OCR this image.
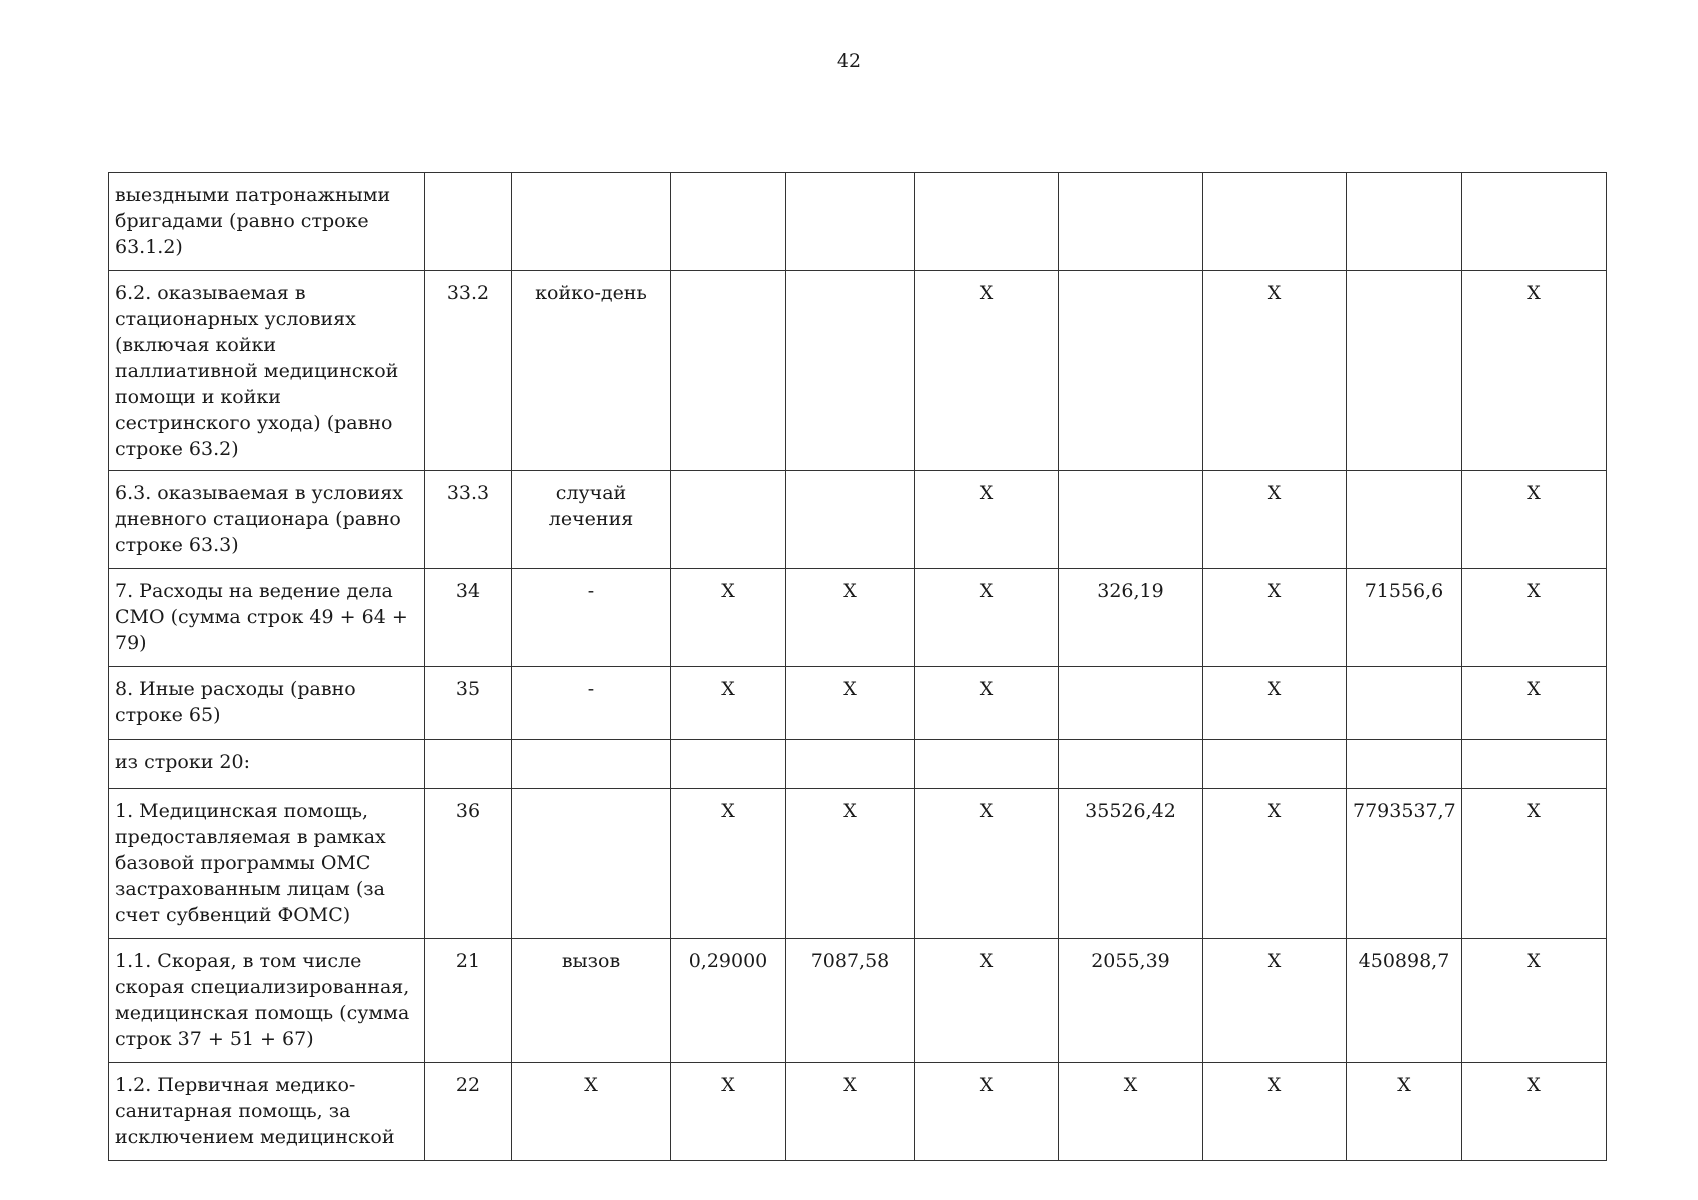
42
выездными патронажными бригадами (равно строке 63.1.2)									
6.2. оказываемая в стационарных условиях (включая койки паллиативной медицинской помощи и койки сестринского ухода) (равно строке 63.2)	33.2	койко-день			X		X		X
6.3. оказываемая в условиях дневного стационара (равно строке 63.3)	33.3	случай лечения			X		X		X
7. Расходы на ведение дела СМО (сумма строк 49 + 64 + 79)	34	-	X	X	X	326,19	X	71556,6	X
8. Иные расходы (равно строке 65)	35	-	X	X	X		X		X
из строки 20:									
1. Медицинская помощь, предоставляемая в рамках базовой программы ОМС застрахованным лицам (за счет субвенций ФОМС)	36		X	X	X	35526,42	X	7793537,7	X
1.1. Скорая, в том числе скорая специализированная, медицинская помощь (сумма строк 37 + 51 + 67)	21	вызов	0,29000	7087,58	X	2055,39	X	450898,7	X
1.2. Первичная медико-санитарная помощь, за исключением медицинской	22	X	X	X	X	X	X	X	X
